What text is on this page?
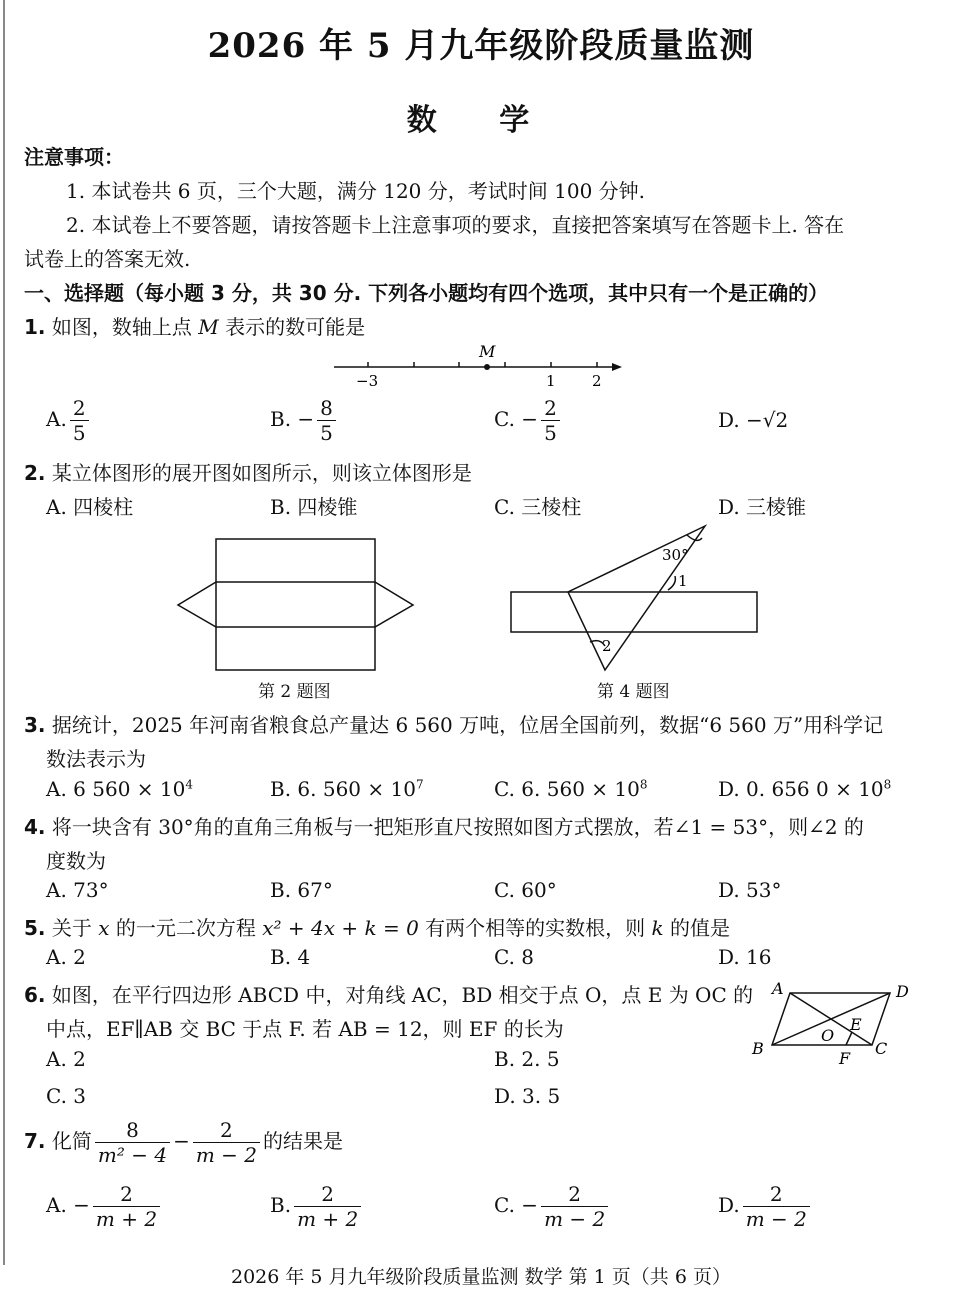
2026 年 5 月九年级阶段质量监测
数 学
注意事项：
1. 本试卷共 6 页，三个大题，满分 120 分，考试时间 100 分钟.
2. 本试卷上不要答题，请按答题卡上注意事项的要求，直接把答案填写在答题卡上. 答在
试卷上的答案无效.
一、选择题（每小题 3 分，共 30 分. 下列各小题均有四个选项，其中只有一个是正确的）
1. 如图，数轴上点 M 表示的数可能是
M
−3	1 2
A. $\frac{2}{5}$	B. − $\frac{8}{5}$	C. − $\frac{2}{5}$	D. −√2
2. 某立体图形的展开图如图所示，则该立体图形是
A. 四棱柱	B. 四棱锥	C. 三棱柱	D. 三棱锥
第 2 题图
30°
1
2
第 4 题图
3. 据统计，2025 年河南省粮食总产量达 6 560 万吨，位居全国前列，数据“6 560 万”用科学记
数法表示为
A. 6 $560 \times 10^4$	B. 6. $560 \times 10^7$	C. 6. $560 \times 10^8$	D. 0. 656 $0 \times 10^8$
4. 将一块含有 30°角的直角三角板与一把矩形直尺按照如图方式摆放，若∠1 = 53°，则∠2 的
度数为
A. 73°	B. 67°	C. 60°	D. 53°
5. 关于 x 的一元二次方程 x² + 4x + k = 0 有两个相等的实数根，则 k 的值是
A. 2	B. 4	C. 8	D. 16
6. 如图，在平行四边形 ABCD 中，对角线 AC，BD 相交于点 O，点 E 为 OC 的
中点，EF∥AB 交 BC 于点 F. 若 AB = 12，则 EF 的长为
A. 2	B. 2. 5
C. 3	D. 3. 5
A	D
B	C
O
E
F
7. 化简 $\frac{8}{\text{m² − 4}} - \frac{2}{m - 2}$ 的结果是
A. − $\frac{2}{m + 2}$	B. $\frac{2}{m + 2}$	C. − $\frac{2}{m - 2}$	D. $\frac{2}{m - 2}$
2026 年 5 月九年级阶段质量监测 数学 第 1 页（共 6 页）
